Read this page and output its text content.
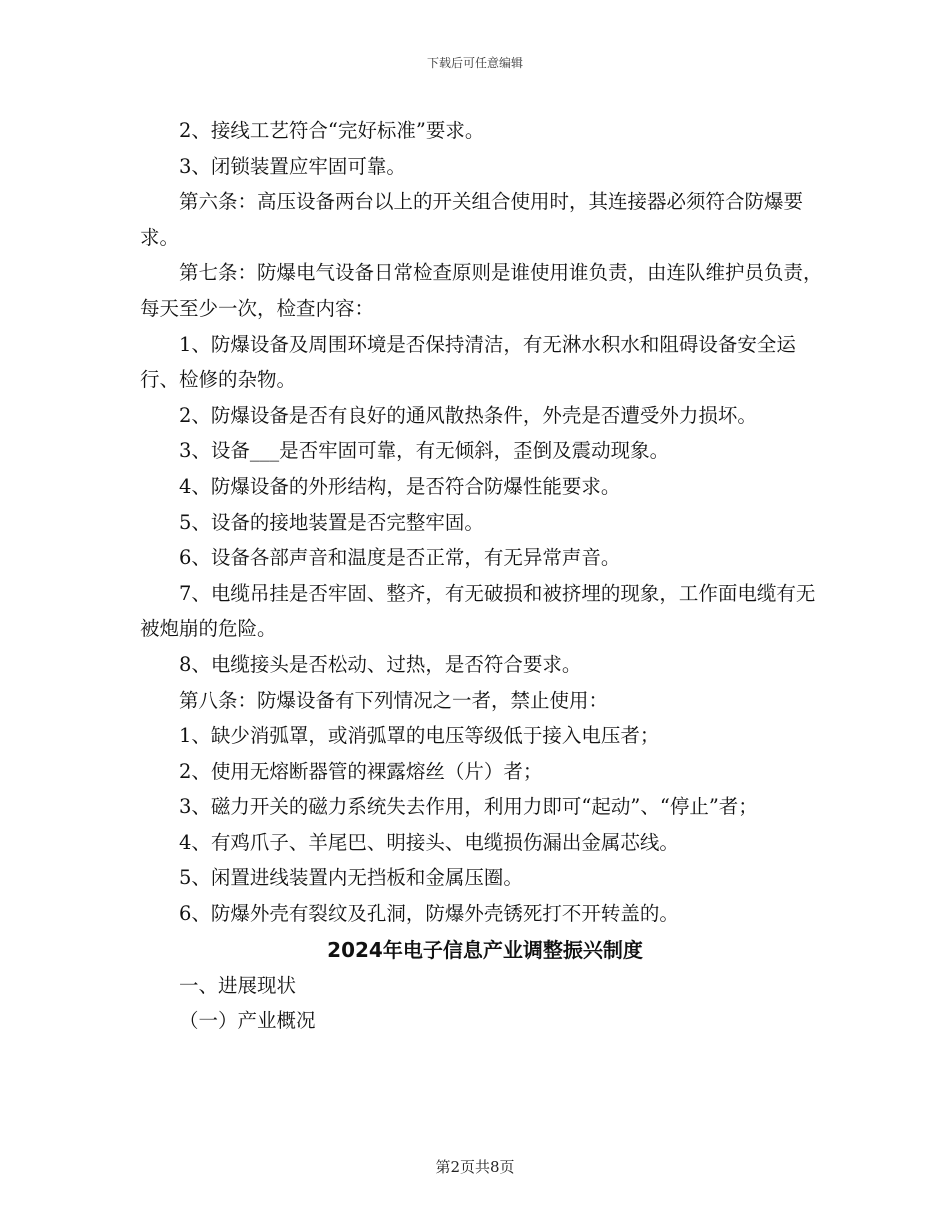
下载后可任意编辑

2、接线工艺符合“完好标准”要求。

3、闭锁装置应牢固可靠。

第六条：高压设备两台以上的开关组合使用时，其连接器必须符合防爆要求。

第七条：防爆电气设备日常检查原则是谁使用谁负责，由连队维护员负责，每天至少一次，检查内容：

1、防爆设备及周围环境是否保持清洁，有无淋水积水和阻碍设备安全运行、检修的杂物。

2、防爆设备是否有良好的通风散热条件，外壳是否遭受外力损坏。

3、设备___是否牢固可靠，有无倾斜，歪倒及震动现象。

4、防爆设备的外形结构，是否符合防爆性能要求。

5、设备的接地装置是否完整牢固。

6、设备各部声音和温度是否正常，有无异常声音。

7、电缆吊挂是否牢固、整齐，有无破损和被挤埋的现象，工作面电缆有无被炮崩的危险。

8、电缆接头是否松动、过热，是否符合要求。

第八条：防爆设备有下列情况之一者，禁止使用：

1、缺少消弧罩，或消弧罩的电压等级低于接入电压者；

2、使用无熔断器管的裸露熔丝（片）者；

3、磁力开关的磁力系统失去作用，利用力即可“起动”、“停止”者；

4、有鸡爪子、羊尾巴、明接头、电缆损伤漏出金属芯线。

5、闲置进线装置内无挡板和金属压圈。

6、防爆外壳有裂纹及孔洞，防爆外壳锈死打不开转盖的。

2024年电子信息产业调整振兴制度

一、进展现状

（一）产业概况

第2页共8页
